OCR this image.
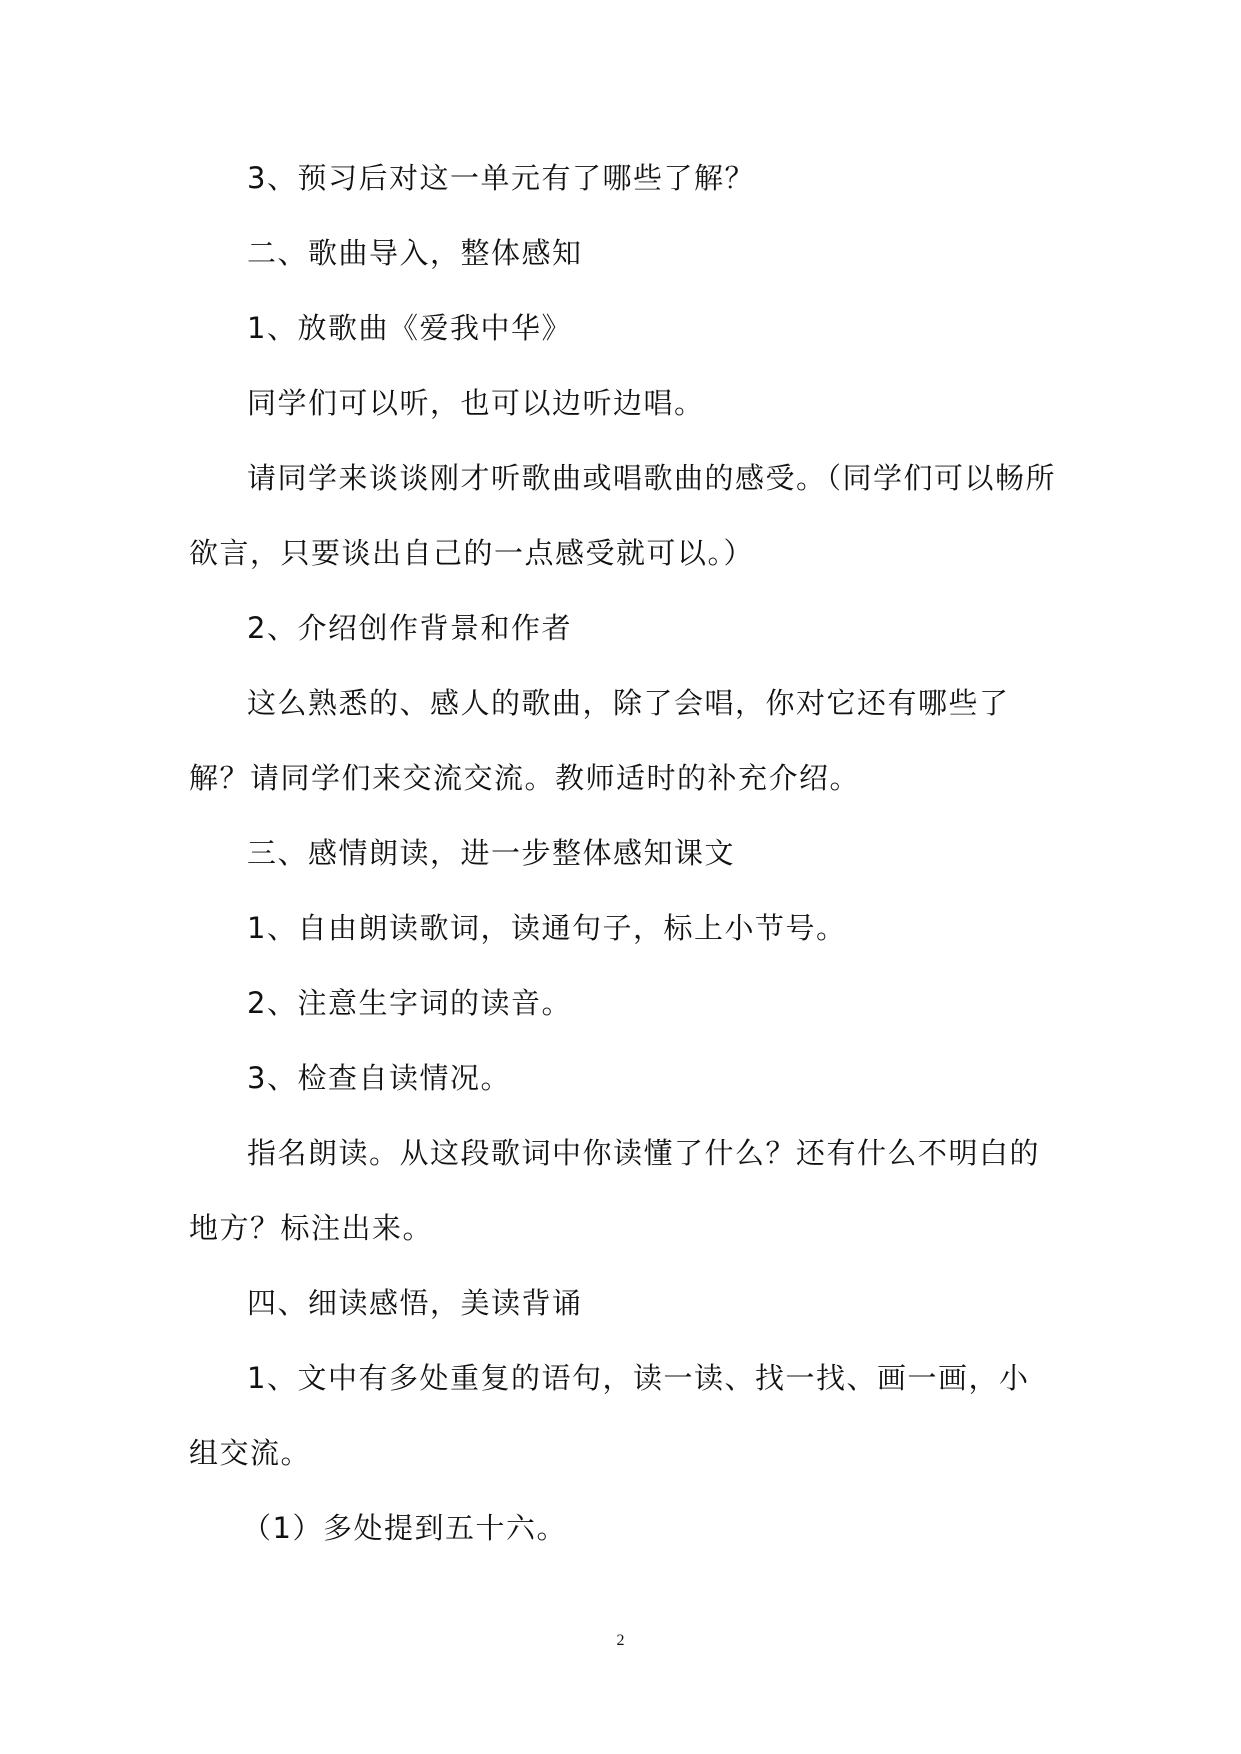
3、预习后对这一单元有了哪些了解？

二、歌曲导入，整体感知

1、放歌曲《爱我中华》

同学们可以听，也可以边听边唱。

请同学来谈谈刚才听歌曲或唱歌曲的感受。（同学们可以畅所欲言，只要谈出自己的一点感受就可以。）

2、介绍创作背景和作者

这么熟悉的、感人的歌曲，除了会唱，你对它还有哪些了解？请同学们来交流交流。教师适时的补充介绍。

三、感情朗读，进一步整体感知课文

1、自由朗读歌词，读通句子，标上小节号。

2、注意生字词的读音。

3、检查自读情况。

指名朗读。从这段歌词中你读懂了什么？还有什么不明白的地方？标注出来。

四、细读感悟，美读背诵

1、文中有多处重复的语句，读一读、找一找、画一画，小组交流。

（1）多处提到五十六。

2
